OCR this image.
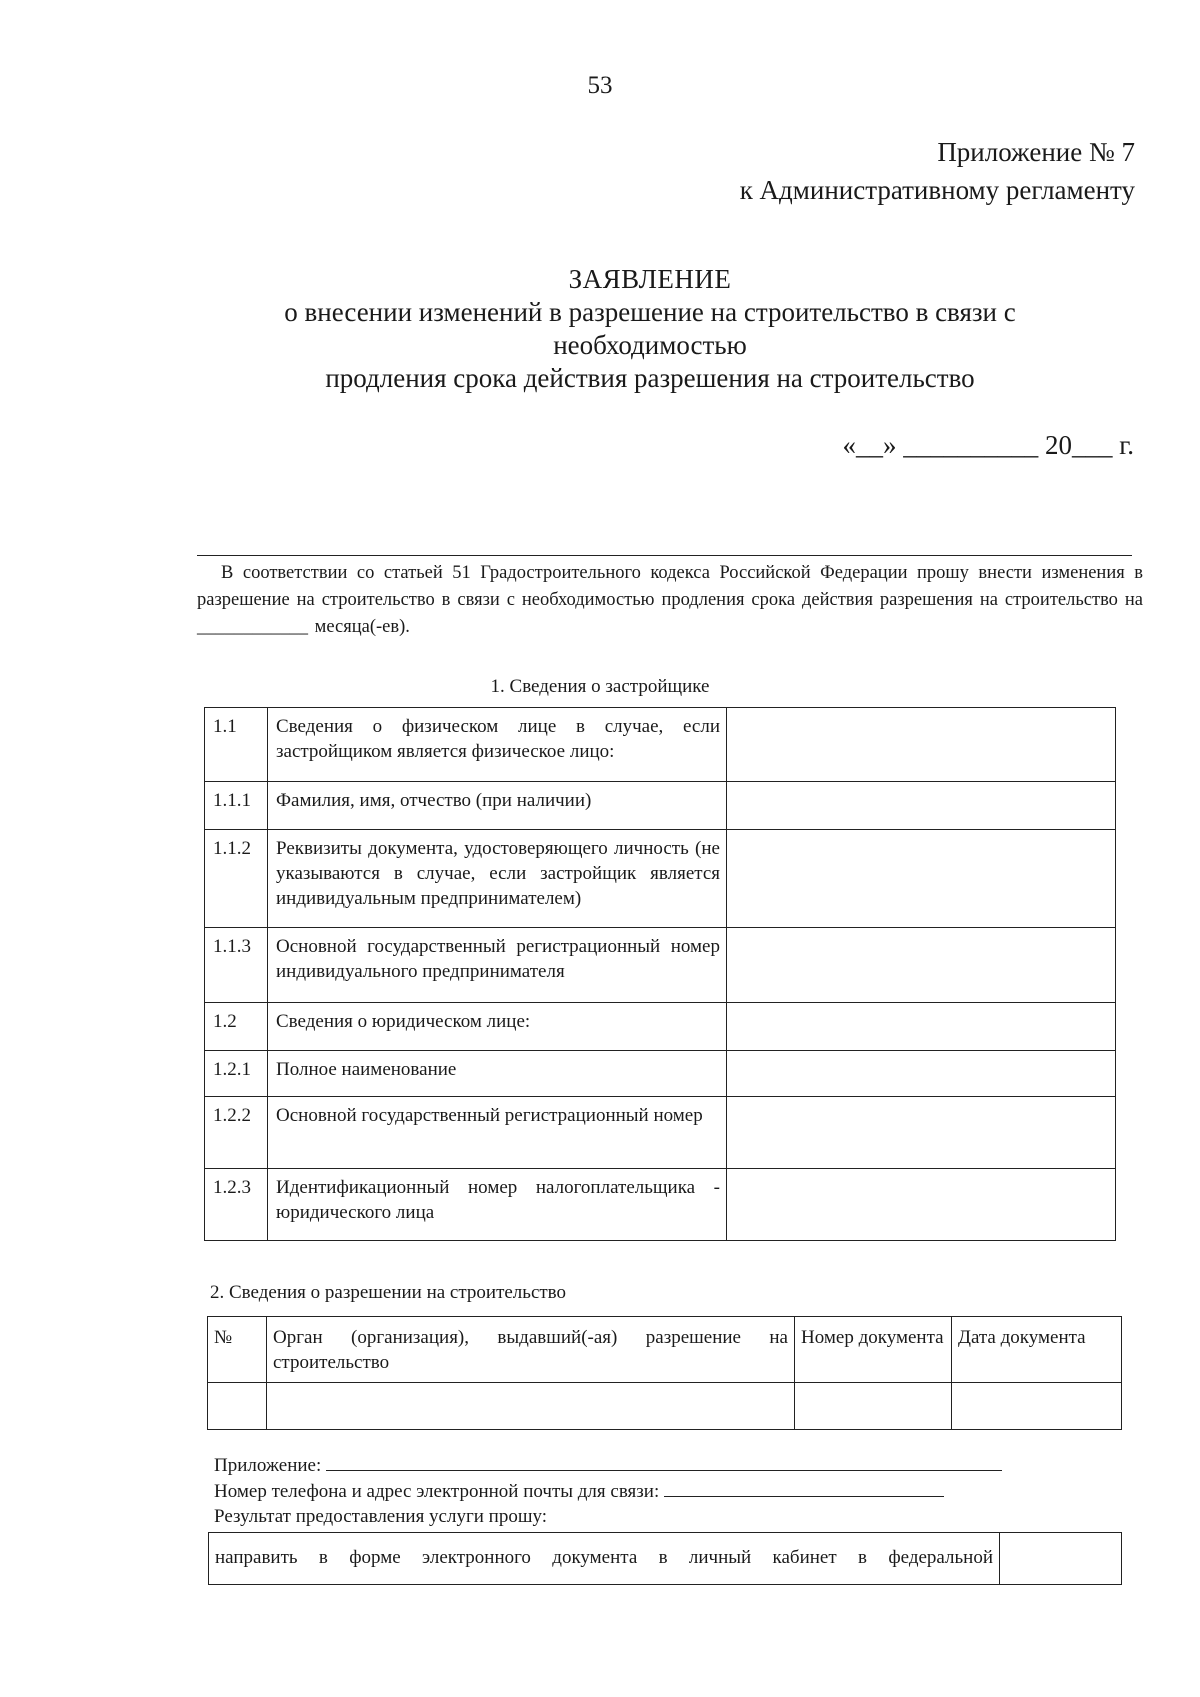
53
Приложение № 7
к Административному регламенту
ЗАЯВЛЕНИЕ
о внесении изменений в разрешение на строительство в связи с
необходимостью
продления срока действия разрешения на строительство
«__» __________ 20___ г.
В соответствии со статьей 51 Градостроительного кодекса Российской Федерации прошу внести изменения в разрешение на строительство в связи с необходимостью продления срока действия разрешения на строительство на ____________ месяца(-ев).
1. Сведения о застройщике
1.1	Сведения о физическом лице в случае, если застройщиком является физическое лицо:	

1.1.1	Фамилия, имя, отчество (при наличии)	

1.1.2	Реквизиты документа, удостоверяющего личность (не указываются в случае, если застройщик является индивидуальным предпринимателем)	

1.1.3	Основной государственный регистрационный номер индивидуального предпринимателя	

1.2	Сведения о юридическом лице:	

1.2.1	Полное наименование	

1.2.2	Основной государственный регистрационный номер	

1.2.3	Идентификационный номер налогоплательщика - юридического лица	

2. Сведения о разрешении на строительство
№	Орган (организация), выдавший(-ая) разрешение на строительство	Номер документа	Дата документа

Приложение:
Номер телефона и адрес электронной почты для связи:
Результат предоставления услуги прошу:
направить в форме электронного документа в личный кабинет в федеральной	
